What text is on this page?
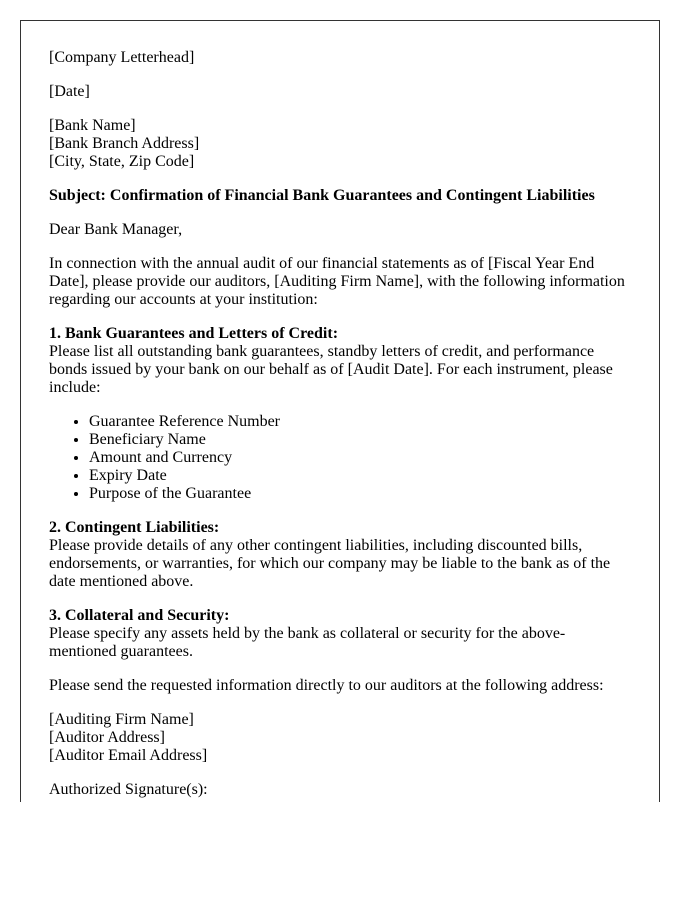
[Company Letterhead]

[Date]

[Bank Name]
[Bank Branch Address]
[City, State, Zip Code]

Subject: Confirmation of Financial Bank Guarantees and Contingent Liabilities

Dear Bank Manager,

In connection with the annual audit of our financial statements as of [Fiscal Year End Date], please provide our auditors, [Auditing Firm Name], with the following information regarding our accounts at your institution:

1. Bank Guarantees and Letters of Credit:
Please list all outstanding bank guarantees, standby letters of credit, and performance bonds issued by your bank on our behalf as of [Audit Date]. For each instrument, please include:

• Guarantee Reference Number
• Beneficiary Name
• Amount and Currency
• Expiry Date
• Purpose of the Guarantee

2. Contingent Liabilities:
Please provide details of any other contingent liabilities, including discounted bills, endorsements, or warranties, for which our company may be liable to the bank as of the date mentioned above.

3. Collateral and Security:
Please specify any assets held by the bank as collateral or security for the above-mentioned guarantees.

Please send the requested information directly to our auditors at the following address:

[Auditing Firm Name]
[Auditor Address]
[Auditor Email Address]

Authorized Signature(s):
